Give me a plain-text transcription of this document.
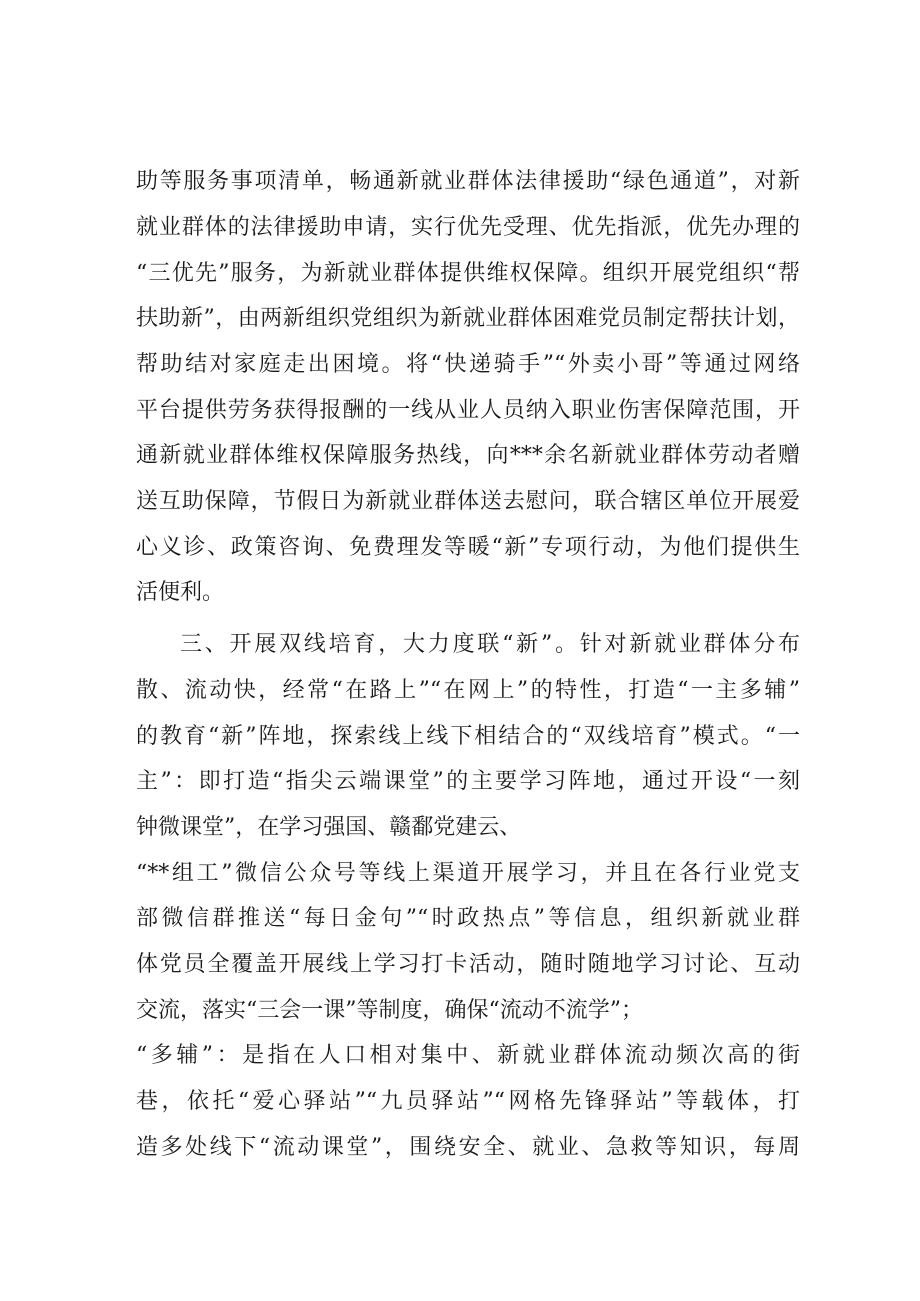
助等服务事项清单，畅通新就业群体法律援助“绿色通道”，对新
就业群体的法律援助申请，实行优先受理、优先指派，优先办理的
“三优先”服务，为新就业群体提供维权保障。组织开展党组织“帮
扶助新”，由两新组织党组织为新就业群体困难党员制定帮扶计划，
帮助结对家庭走出困境。将“快递骑手”“外卖小哥”等通过网络
平台提供劳务获得报酬的一线从业人员纳入职业伤害保障范围，开
通新就业群体维权保障服务热线，向***余名新就业群体劳动者赠
送互助保障，节假日为新就业群体送去慰问，联合辖区单位开展爱
心义诊、政策咨询、免费理发等暖“新”专项行动，为他们提供生
活便利。
三、开展双线培育，大力度联“新”。针对新就业群体分布
散、流动快，经常“在路上”“在网上”的特性，打造“一主多辅”
的教育“新”阵地，探索线上线下相结合的“双线培育”模式。“一
主”：即打造“指尖云端课堂”的主要学习阵地，通过开设“一刻
钟微课堂”，在学习强国、赣鄱党建云、
“**组工”微信公众号等线上渠道开展学习，并且在各行业党支
部微信群推送“每日金句”“时政热点”等信息，组织新就业群
体党员全覆盖开展线上学习打卡活动，随时随地学习讨论、互动
交流，落实“三会一课”等制度，确保“流动不流学”；
“多辅”：是指在人口相对集中、新就业群体流动频次高的街
巷，依托“爱心驿站”“九员驿站”“网格先锋驿站”等载体，打
造多处线下“流动课堂”，围绕安全、就业、急救等知识，每周
